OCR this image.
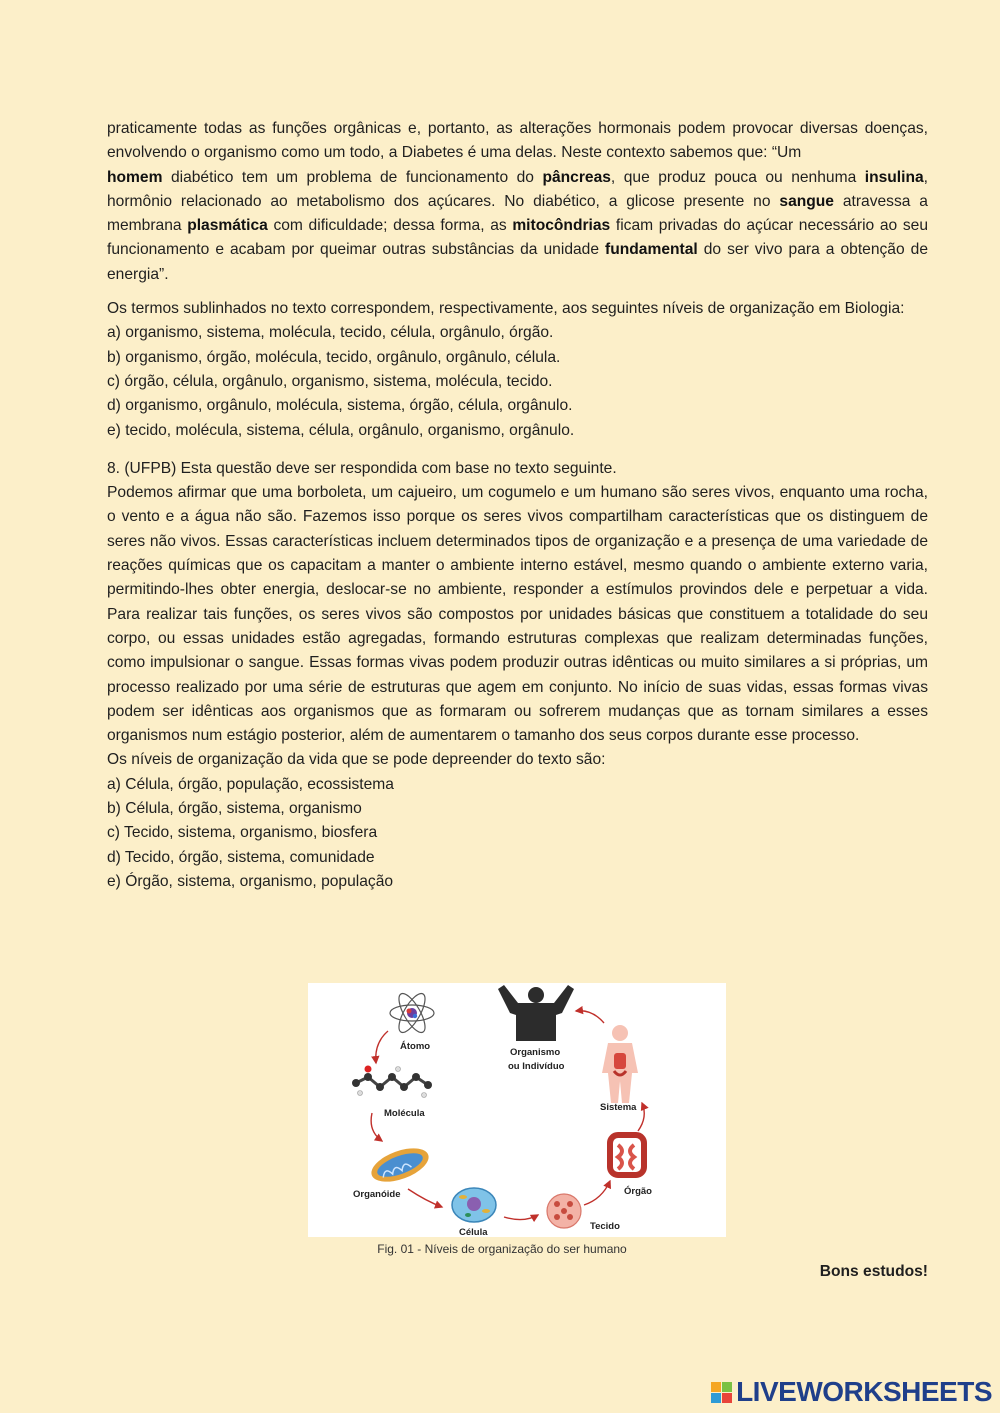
praticamente todas as funções orgânicas e, portanto, as alterações hormonais podem provocar diversas doenças, envolvendo o organismo como um todo, a Diabetes é uma delas. Neste contexto sabemos que: “Um
homem diabético tem um problema de funcionamento do pâncreas, que produz pouca ou nenhuma insulina, hormônio relacionado ao metabolismo dos açúcares. No diabético, a glicose presente no sangue atravessa a membrana plasmática com dificuldade; dessa forma, as mitocôndrias ficam privadas do açúcar necessário ao seu funcionamento e acabam por queimar outras substâncias da unidade fundamental do ser vivo para a obtenção de energia”.

Os termos sublinhados no texto correspondem, respectivamente, aos seguintes níveis de organização em Biologia:

a) organismo, sistema, molécula, tecido, célula, orgânulo, órgão.

b) organismo, órgão, molécula, tecido, orgânulo, orgânulo, célula.

c) órgão, célula, orgânulo, organismo, sistema, molécula, tecido.

d) organismo, orgânulo, molécula, sistema, órgão, célula, orgânulo.

e) tecido, molécula, sistema, célula, orgânulo, organismo, orgânulo.

8. (UFPB) Esta questão deve ser respondida com base no texto seguinte.

Podemos afirmar que uma borboleta, um cajueiro, um cogumelo e um humano são seres vivos, enquanto uma rocha, o vento e a água não são. Fazemos isso porque os seres vivos compartilham características que os distinguem de seres não vivos. Essas características incluem determinados tipos de organização e a presença de uma variedade de reações químicas que os capacitam a manter o ambiente interno estável, mesmo quando o ambiente externo varia, permitindo-lhes obter energia, deslocar-se no ambiente, responder a estímulos provindos dele e perpetuar a vida. Para realizar tais funções, os seres vivos são compostos por unidades básicas que constituem a totalidade do seu corpo, ou essas unidades estão agregadas, formando estruturas complexas que realizam determinadas funções, como impulsionar o sangue. Essas formas vivas podem produzir outras idênticas ou muito similares a si próprias, um processo realizado por uma série de estruturas que agem em conjunto. No início de suas vidas, essas formas vivas podem ser idênticas aos organismos que as formaram ou sofrerem mudanças que as tornam similares a esses organismos num estágio posterior, além de aumentarem o tamanho dos seus corpos durante esse processo.

Os níveis de organização da vida que se pode depreender do texto são:

a) Célula, órgão, população, ecossistema

b) Célula, órgão, sistema, organismo

c) Tecido, sistema, organismo, biosfera

d) Tecido, órgão, sistema, comunidade

e) Órgão, sistema, organismo, população

Átomo
Molécula
Organóide
Célula
Tecido
Órgão
Sistema
Organismo
ou Indivíduo
Fig. 01 - Níveis de organização do ser humano
Bons estudos!
LIVEWORKSHEETS
